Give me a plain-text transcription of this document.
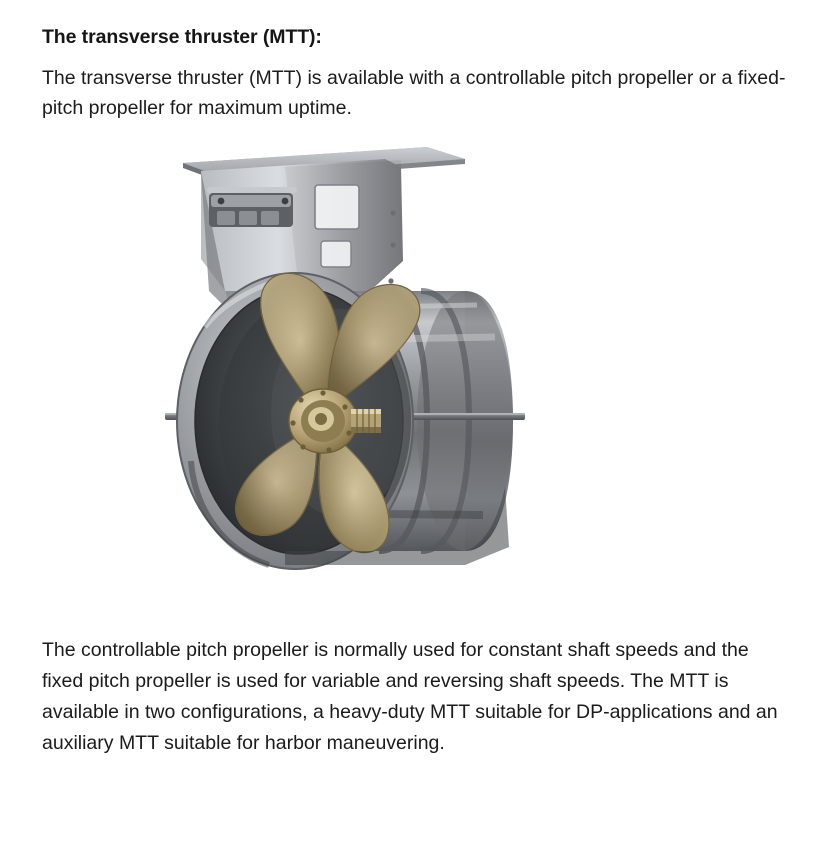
The transverse thruster (MTT):

The transverse thruster (MTT) is available with a controllable pitch propeller or a fixed-pitch propeller for maximum uptime.

The controllable pitch propeller is normally used for constant shaft speeds and the fixed pitch propeller is used for variable and reversing shaft speeds. The MTT is available in two configurations, a heavy-duty MTT suitable for DP-applications and an auxiliary MTT suitable for harbor maneuvering.
